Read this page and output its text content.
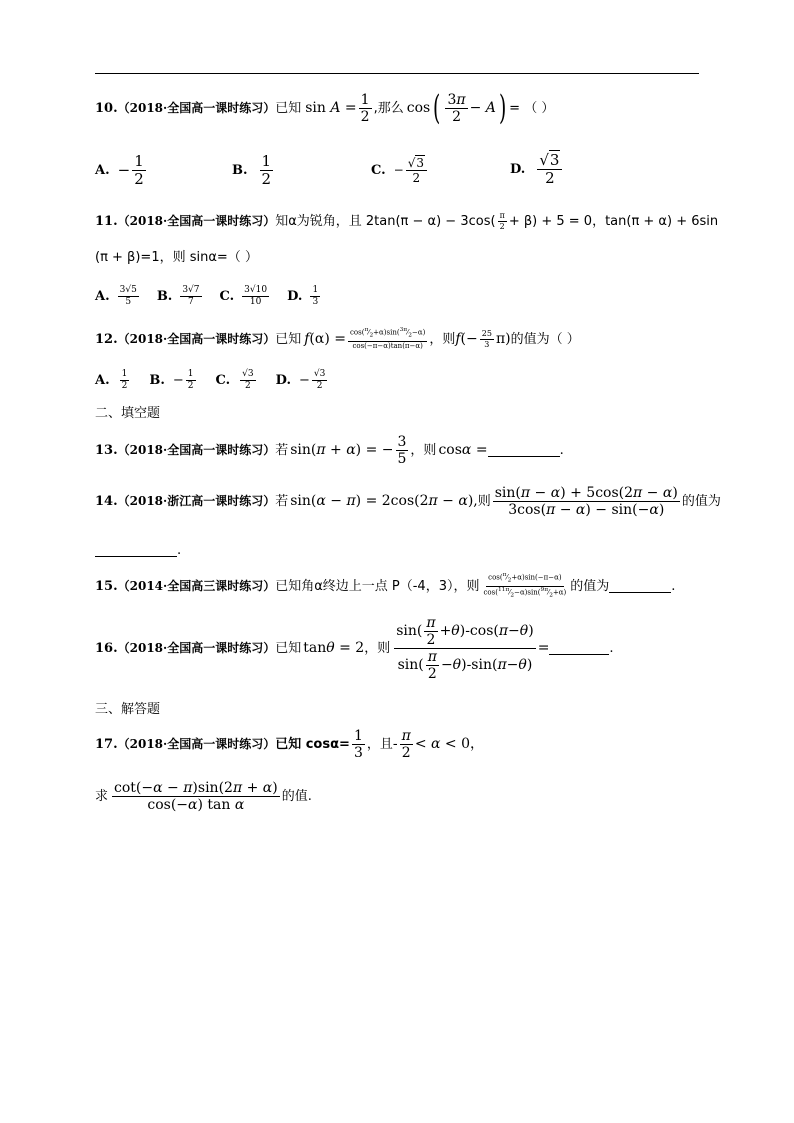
10. （2018·全国高一课时练习） 已知 $\sin A = \frac{1}{2}$ ,那么 cos ( $\frac{3\pi}{2} - A$ ) = （ ）
A. − $\frac{1}{2}$	B. $\frac{1}{2}$	C. − $\frac{√3}{2}$	D. $\frac{√3}{2}$
11. （2018·全国高一课时练习） 知α为锐角，且 $2\tan(\pi - \alpha) - 3\cos( \frac{\pi}{2} + \beta) + 5 = 0$，tan(π + α) + 6sin
(π + β)=1，则 sinα=（ ）
A. $\frac{3√5}{5} B$. $\frac{3√7}{7} C$. $\frac{3√10}{10} D$. $\frac{1}{3}$
12. （2018·全国高一课时练习） 已知 f $(\alpha) = \frac{\cos(^\pi⁄_2+\alpha)\sin(^{3\pi}⁄_2-\alpha)}{\cos(-\pi-\alpha)\tan(\pi-\alpha)}$ ，则 f (− $\frac{25}{3} \pi$) 的值为（ ）
A. $\frac{1}{2} B$. − $\frac{1}{2} C$. $\frac{√3}{2} D$. − $\frac{√3}{2}$
二、填空题
13. （2018·全国高一课时练习） 若 sin(π + α) = − $\frac{3}{5}$ ，则 cosα =	.
14. （2018·浙江高一课时练习） 若 sin(α − π) = 2cos(2π − α), 则 $\frac{\sin(\pi - \alpha) + 5\cos(2\pi - \alpha)}{3\cos(\pi - \alpha) - \sin(-\alpha)}$ 的值为
.
15. （2014·全国高三课时练习） 已知角α终边上一点 P（-4，3），则 $\frac{\cos(^\pi⁄_2+\alpha)\sin(-\pi-\alpha)}{\cos(^{11\pi}⁄_2-\alpha)\sin(^{9\pi}⁄_2+\alpha)}$ 的值为	.
16. （2018·全国高一课时练习） 已知 tanθ = 2 ，则 $\frac{\sin( \frac{\pi}{2} + \theta )-\cos( \pi - \theta )}{\sin( \frac{\pi}{2} - \theta )-\sin( \pi - \theta )}$ =	.
三、解答题
17. （2018·全国高一课时练习） 已知 $\cos\alpha= \frac{1}{3}$ ，且 - $\frac{\pi}{2} < \alpha < 0$，
求 $\frac{\cot(-\alpha - \pi)\sin(2\pi + \alpha)}{\text{cos(−α) tan α}}$ 的值.
